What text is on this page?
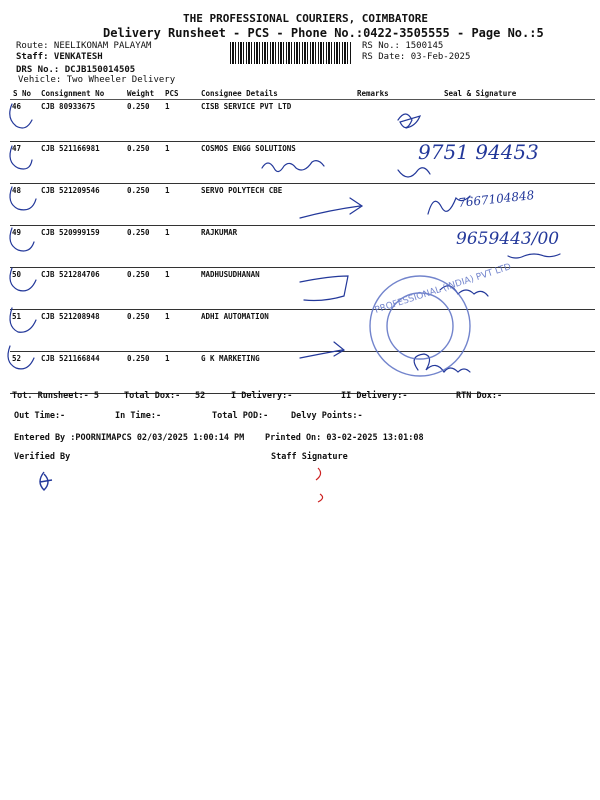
THE PROFESSIONAL COURIERS, COIMBATORE
Delivery Runsheet - PCS - Phone No.:0422-3505555 - Page No.:5
Route: NEELIKONAM PALAYAM
Staff: VENKATESH
DRS No.: DCJB150014505
Vehicle: Two Wheeler Delivery
RS No.: 1500145
RS Date: 03-Feb-2025
S No	Consignment No	Weight	PCS	Consignee Details	Remarks	Seal & Signature
46	CJB 80933675	0.250	1	CISB SERVICE PVT LTD		
47	CJB 521166981	0.250	1	COSMOS ENGG SOLUTIONS		
48	CJB 521209546	0.250	1	SERVO POLYTECH CBE		
49	CJB 520999159	0.250	1	RAJKUMAR		
50	CJB 521284706	0.250	1	MADHUSUDHANAN		
51	CJB 521208948	0.250	1	ADHI AUTOMATION		
52	CJB 521166844	0.250	1	G K MARKETING		
PROFESSIONAL (INDIA) PVT LTD
9751 94453
7667104848
9659443/00
Tot. Runsheet:- 5	Total Dox:- 52	I Delivery:-	II Delivery:-	RTN Dox:-
Out Time:-	In Time:-	Total POD:-	Delvy Points:-
Entered By :POORNIMAPCS 02/03/2025 1:00:14 PM Printed On: 03-02-2025 13:01:08
Verified By	Staff Signature
